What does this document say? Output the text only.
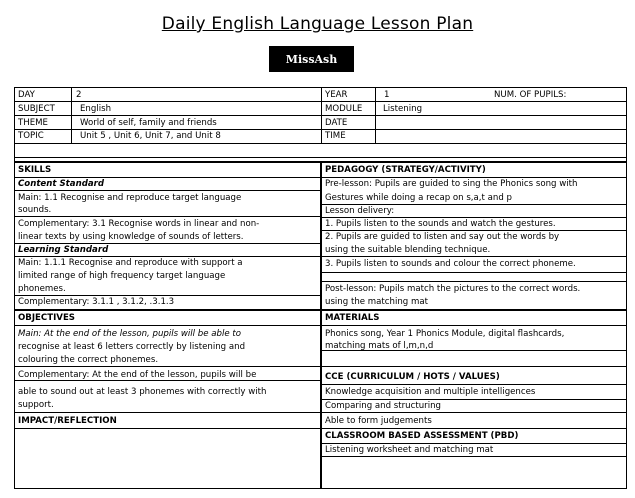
Daily English Language Lesson Plan
MissAsh
DAY	2	YEAR	1	NUM. OF PUPILS:
SUBJECT	English	MODULE Listening
THEME	World of self, family and friends	DATE
TOPIC	Unit 5 , Unit 6, Unit 7, and Unit 8	TIME
SKILLS
Content Standard
Main: 1.1 Recognise and reproduce target language
sounds.
Complementary: 3.1 Recognise words in linear and non-
linear texts by using knowledge of sounds of letters.
Learning Standard
Main: 1.1.1 Recognise and reproduce with support a
limited range of high frequency target language
phonemes.
Complementary: 3.1.1 , 3.1.2, .3.1.3
OBJECTIVES
Main: At the end of the lesson, pupils will be able to
recognise at least 6 letters correctly by listening and
colouring the correct phonemes.
Complementary: At the end of the lesson, pupils will be
able to sound out at least 3 phonemes with correctly with
support.
IMPACT/REFLECTION
PEDAGOGY (STRATEGY/ACTIVITY)
Pre-lesson: Pupils are guided to sing the Phonics song with
Gestures while doing a recap on s,a,t and p
Lesson delivery:
1. Pupils listen to the sounds and watch the gestures.
2. Pupils are guided to listen and say out the words by
using the suitable blending technique.
3. Pupils listen to sounds and colour the correct phoneme.
Post-lesson: Pupils match the pictures to the correct words.
using the matching mat
MATERIALS
Phonics song, Year 1 Phonics Module, digital flashcards,
matching mats of l,m,n,d
CCE (CURRICULUM / HOTS / VALUES)
Knowledge acquisition and multiple intelligences
Comparing and structuring
Able to form judgements
CLASSROOM BASED ASSESSMENT (PBD)
Listening worksheet and matching mat
